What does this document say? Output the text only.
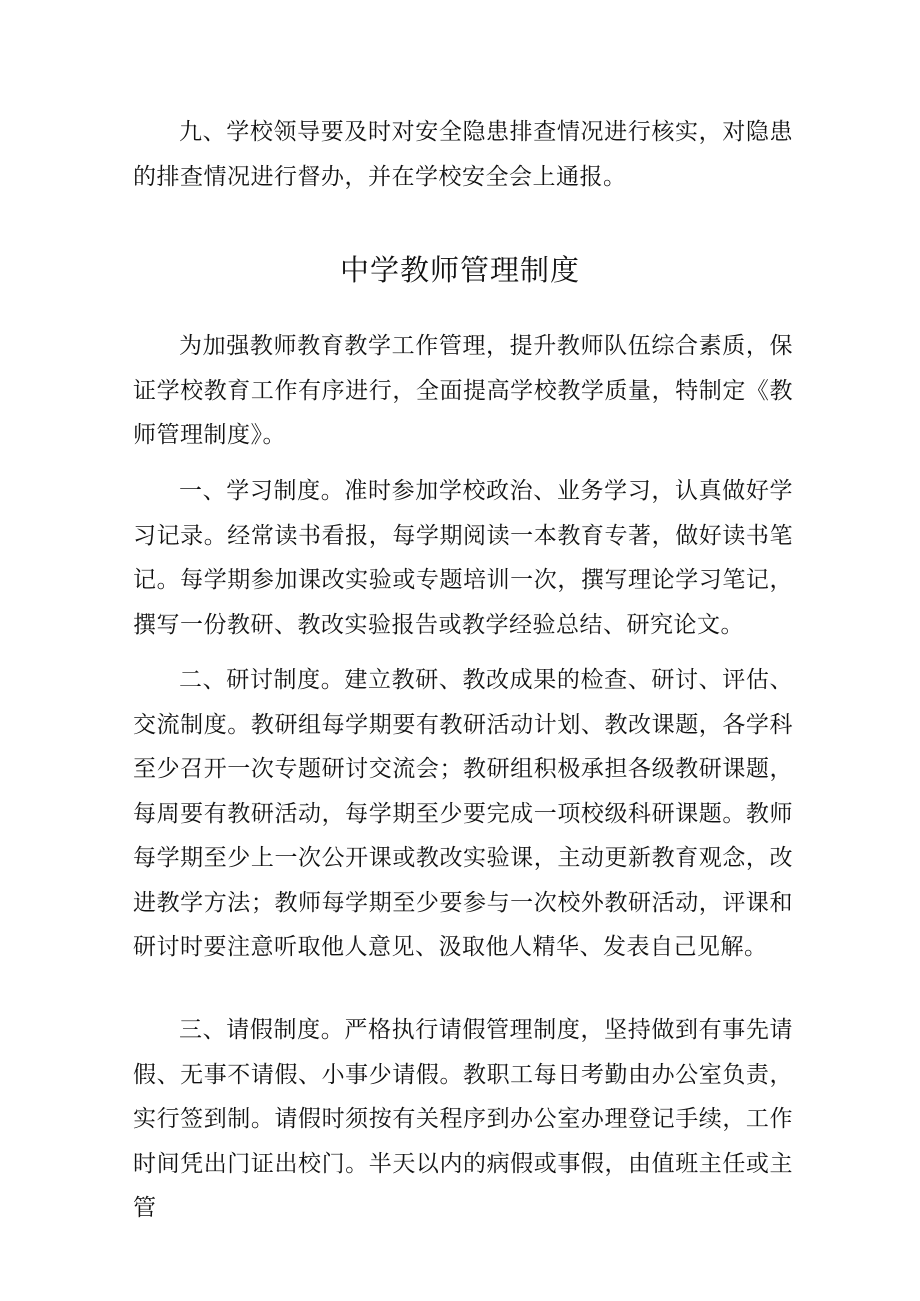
九、学校领导要及时对安全隐患排查情况进行核实，对隐患的排查情况进行督办，并在学校安全会上通报。

中学教师管理制度

为加强教师教育教学工作管理，提升教师队伍综合素质，保证学校教育工作有序进行，全面提高学校教学质量，特制定《教师管理制度》。

一、学习制度。准时参加学校政治、业务学习，认真做好学习记录。经常读书看报，每学期阅读一本教育专著，做好读书笔记。每学期参加课改实验或专题培训一次，撰写理论学习笔记，撰写一份教研、教改实验报告或教学经验总结、研究论文。

二、研讨制度。建立教研、教改成果的检查、研讨、评估、交流制度。教研组每学期要有教研活动计划、教改课题，各学科至少召开一次专题研讨交流会；教研组积极承担各级教研课题，每周要有教研活动，每学期至少要完成一项校级科研课题。教师每学期至少上一次公开课或教改实验课，主动更新教育观念，改进教学方法；教师每学期至少要参与一次校外教研活动，评课和研讨时要注意听取他人意见、汲取他人精华、发表自己见解。

三、请假制度。严格执行请假管理制度，坚持做到有事先请假、无事不请假、小事少请假。教职工每日考勤由办公室负责，实行签到制。请假时须按有关程序到办公室办理登记手续，工作时间凭出门证出校门。半天以内的病假或事假，由值班主任或主管
